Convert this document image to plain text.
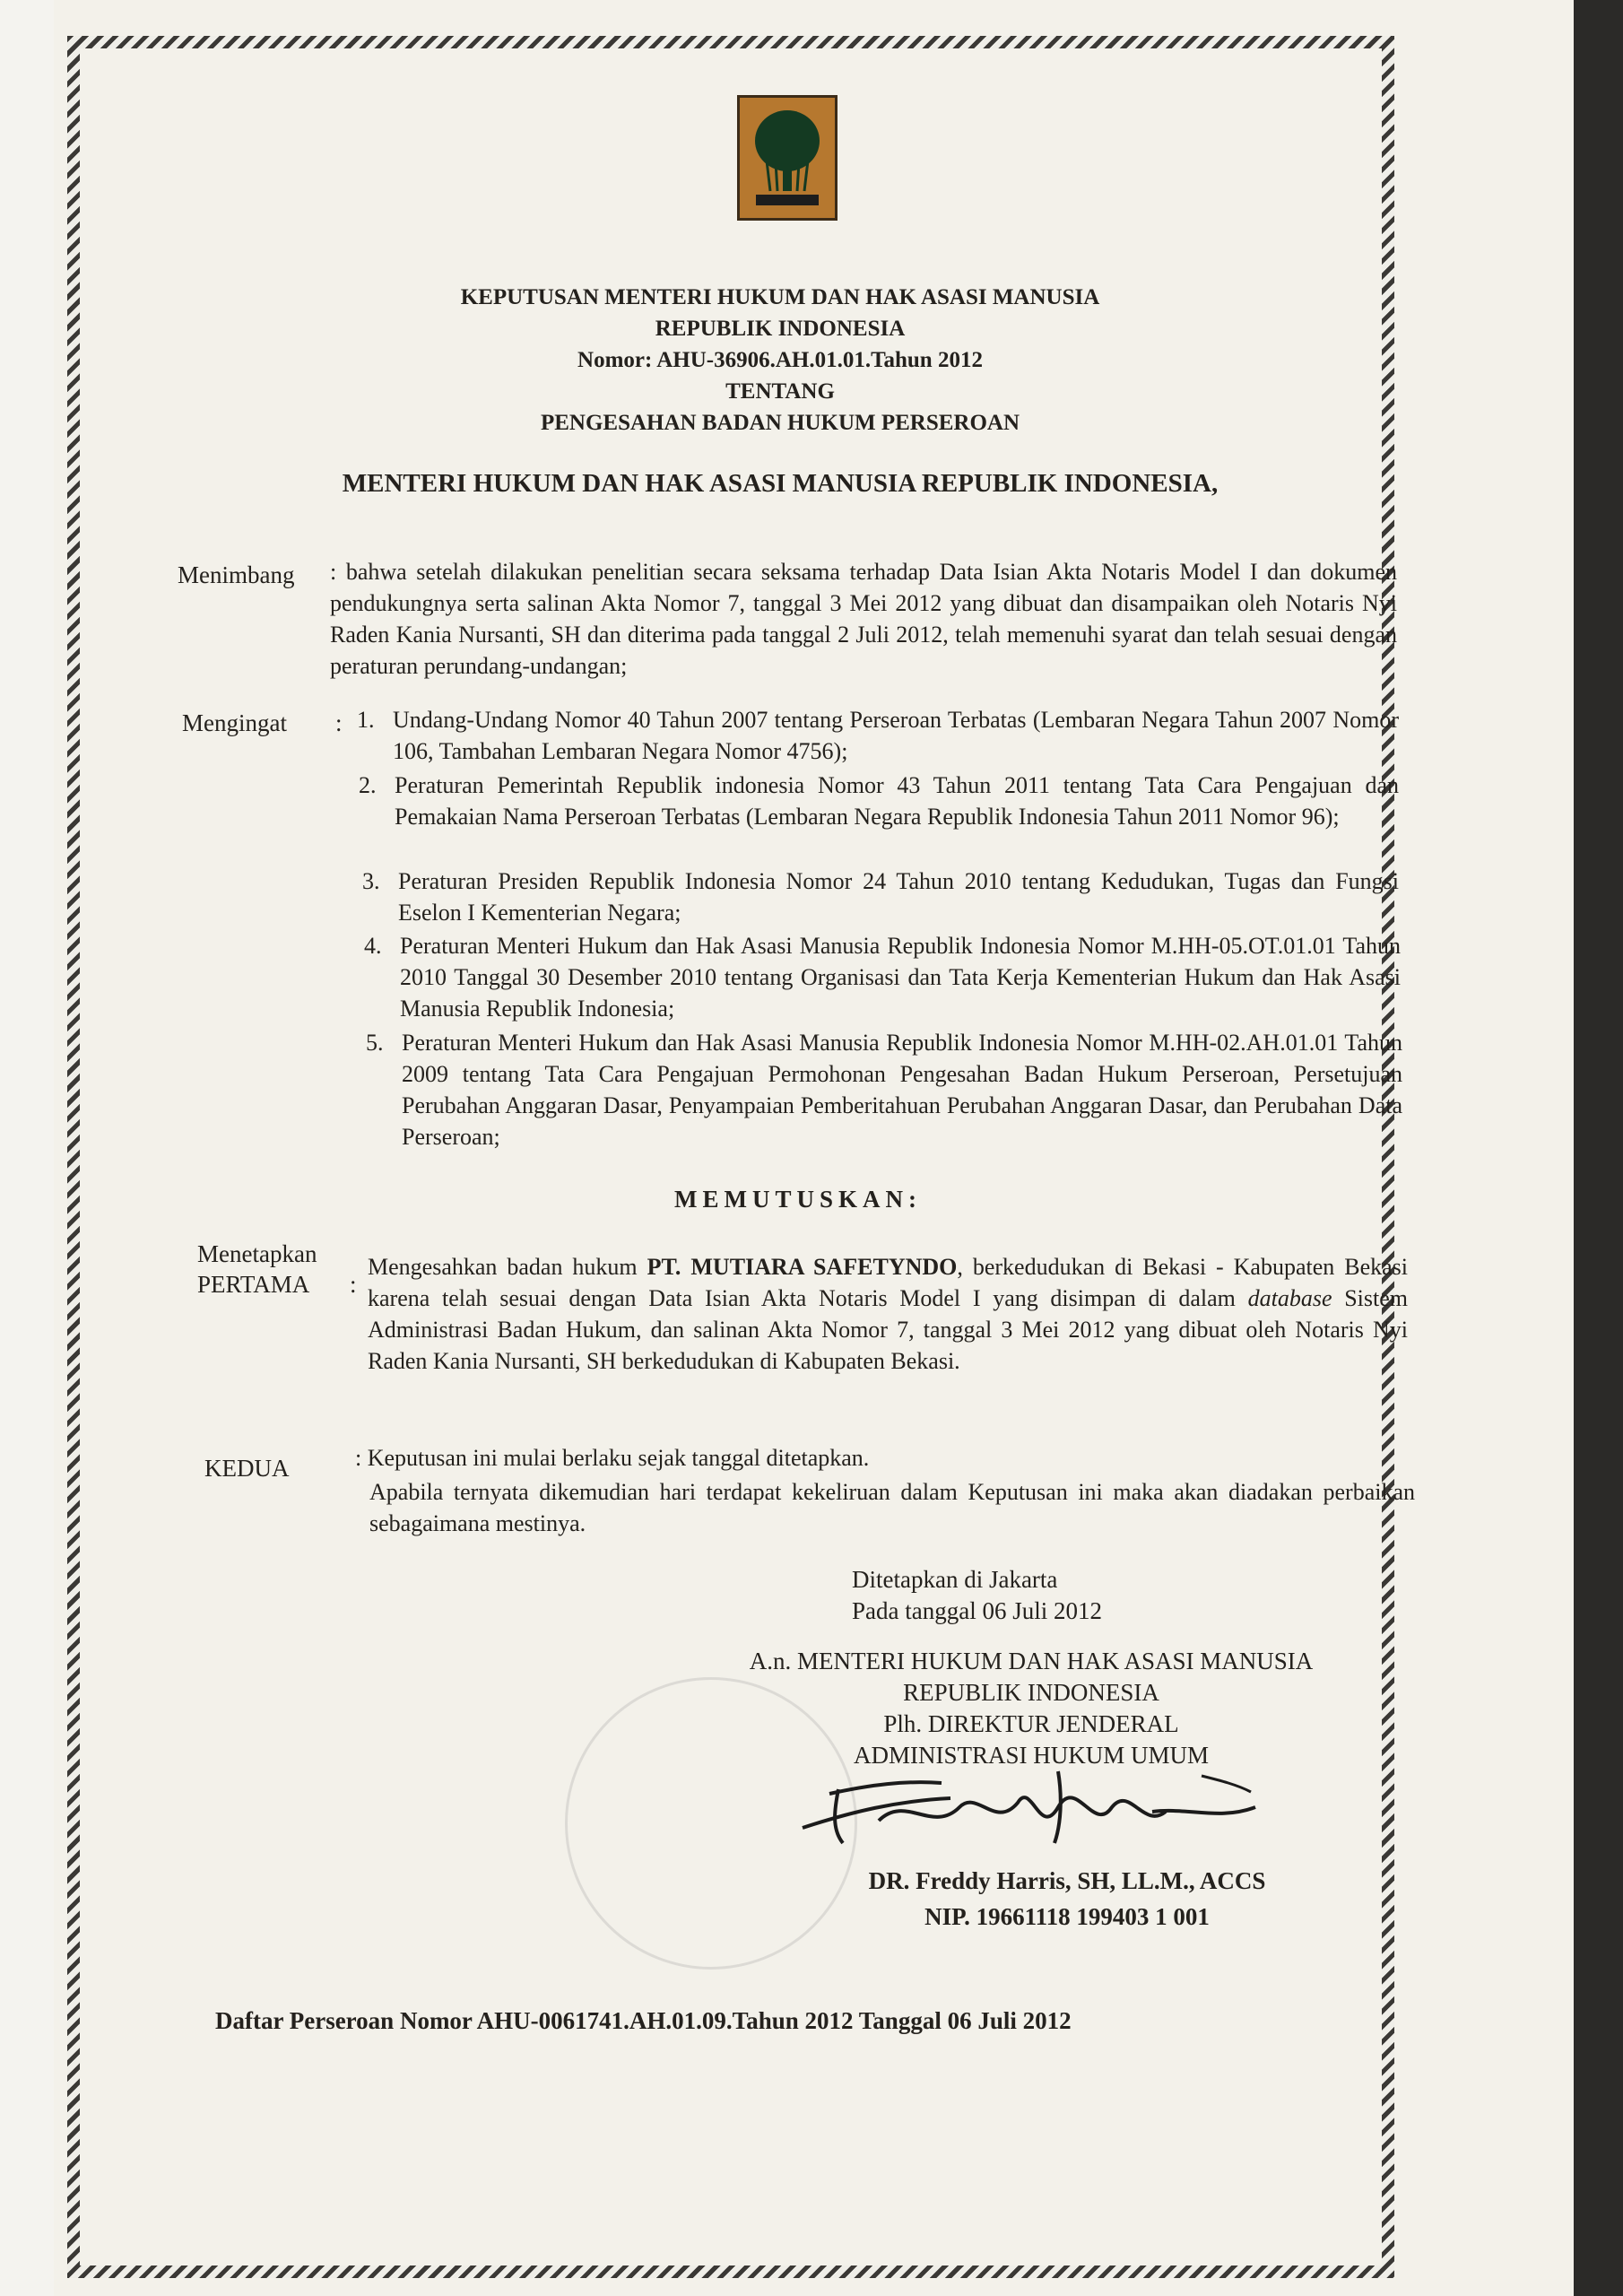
KEPUTUSAN MENTERI HUKUM DAN HAK ASASI MANUSIA
REPUBLIK INDONESIA
Nomor: AHU-36906.AH.01.01.Tahun 2012
TENTANG
PENGESAHAN BADAN HUKUM PERSEROAN
MENTERI HUKUM DAN HAK ASASI MANUSIA REPUBLIK INDONESIA,
Menimbang : bahwa setelah dilakukan penelitian secara seksama terhadap Data Isian Akta Notaris Model I dan dokumen pendukungnya serta salinan Akta Nomor 7, tanggal 3 Mei 2012 yang dibuat dan disampaikan oleh Notaris Nyi Raden Kania Nursanti, SH dan diterima pada tanggal 2 Juli 2012, telah memenuhi syarat dan telah sesuai dengan peraturan perundang-undangan;
Mengingat : 1. Undang-Undang Nomor 40 Tahun 2007 tentang Perseroan Terbatas (Lembaran Negara Tahun 2007 Nomor 106, Tambahan Lembaran Negara Nomor 4756);
2. Peraturan Pemerintah Republik indonesia Nomor 43 Tahun 2011 tentang Tata Cara Pengajuan dan Pemakaian Nama Perseroan Terbatas (Lembaran Negara Republik Indonesia Tahun 2011 Nomor 96);
3. Peraturan Presiden Republik Indonesia Nomor 24 Tahun 2010 tentang Kedudukan, Tugas dan Fungsi Eselon I Kementerian Negara;
4. Peraturan Menteri Hukum dan Hak Asasi Manusia Republik Indonesia Nomor M.HH-05.OT.01.01 Tahun 2010 Tanggal 30 Desember 2010 tentang Organisasi dan Tata Kerja Kementerian Hukum dan Hak Asasi Manusia Republik Indonesia;
5. Peraturan Menteri Hukum dan Hak Asasi Manusia Republik Indonesia Nomor M.HH-02.AH.01.01 Tahun 2009 tentang Tata Cara Pengajuan Permohonan Pengesahan Badan Hukum Perseroan, Persetujuan Perubahan Anggaran Dasar, Penyampaian Pemberitahuan Perubahan Anggaran Dasar, dan Perubahan Data Perseroan;
MEMUTUSKAN:
Menetapkan
PERTAMA :
Mengesahkan badan hukum PT. MUTIARA SAFETYNDO, berkedudukan di Bekasi - Kabupaten Bekasi karena telah sesuai dengan Data Isian Akta Notaris Model I yang disimpan di dalam database Sistem Administrasi Badan Hukum, dan salinan Akta Nomor 7, tanggal 3 Mei 2012 yang dibuat oleh Notaris Nyi Raden Kania Nursanti, SH berkedudukan di Kabupaten Bekasi.
KEDUA	: Keputusan ini mulai berlaku sejak tanggal ditetapkan.
Apabila ternyata dikemudian hari terdapat kekeliruan dalam Keputusan ini maka akan diadakan perbaikan sebagaimana mestinya.
Ditetapkan di Jakarta
Pada tanggal 06 Juli 2012
A.n. MENTERI HUKUM DAN HAK ASASI MANUSIA
REPUBLIK INDONESIA
Plh. DIREKTUR JENDERAL
ADMINISTRASI HUKUM UMUM
DR. Freddy Harris, SH, LL.M., ACCS
NIP. 19661118 199403 1 001
Daftar Perseroan Nomor AHU-0061741.AH.01.09.Tahun 2012 Tanggal 06 Juli 2012
